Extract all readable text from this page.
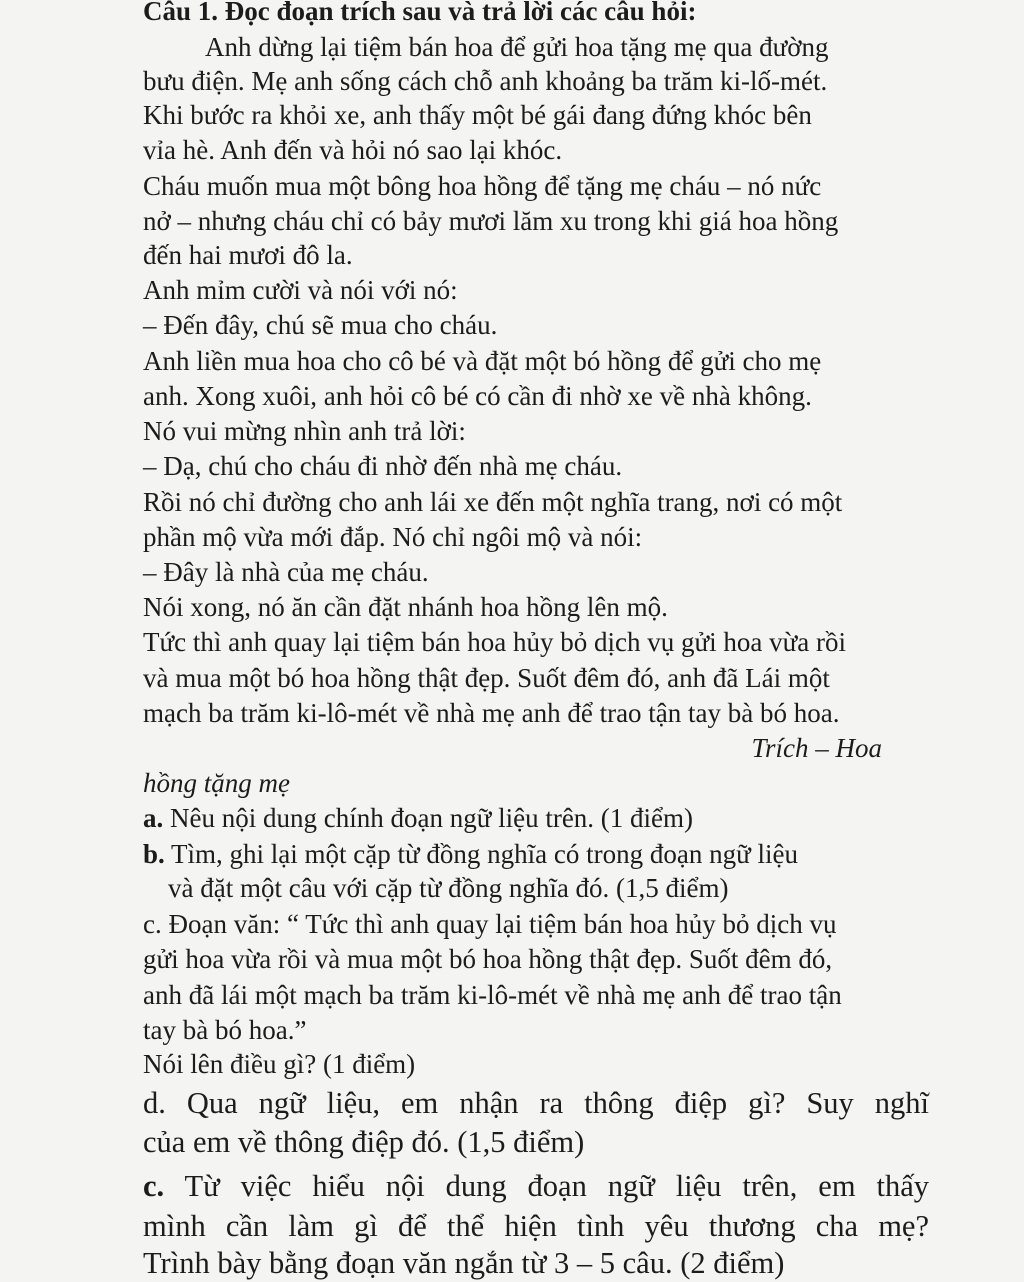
Câu 1. Đọc đoạn trích sau và trả lời các câu hỏi:
Anh dừng lại tiệm bán hoa để gửi hoa tặng mẹ qua đường
bưu điện. Mẹ anh sống cách chỗ anh khoảng ba trăm ki-lố-mét.
Khi bước ra khỏi xe, anh thấy một bé gái đang đứng khóc bên
vỉa hè. Anh đến và hỏi nó sao lại khóc.
Cháu muốn mua một bông hoa hồng để tặng mẹ cháu – nó nức
nở – nhưng cháu chỉ có bảy mươi lăm xu trong khi giá hoa hồng
đến hai mươi đô la.
Anh mỉm cười và nói với nó:
– Đến đây, chú sẽ mua cho cháu.
Anh liền mua hoa cho cô bé và đặt một bó hồng để gửi cho mẹ
anh. Xong xuôi, anh hỏi cô bé có cần đi nhờ xe về nhà không.
Nó vui mừng nhìn anh trả lời:
– Dạ, chú cho cháu đi nhờ đến nhà mẹ cháu.
Rồi nó chỉ đường cho anh lái xe đến một nghĩa trang, nơi có một
phần mộ vừa mới đắp. Nó chỉ ngôi mộ và nói:
– Đây là nhà của mẹ cháu.
Nói xong, nó ăn cần đặt nhánh hoa hồng lên mộ.
Tức thì anh quay lại tiệm bán hoa hủy bỏ dịch vụ gửi hoa vừa rồi
và mua một bó hoa hồng thật đẹp. Suốt đêm đó, anh đã Lái một
mạch ba trăm ki-lô-mét về nhà mẹ anh để trao tận tay bà bó hoa.
Trích – Hoa
hồng tặng mẹ
a. Nêu nội dung chính đoạn ngữ liệu trên. (1 điểm)
b. Tìm, ghi lại một cặp từ đồng nghĩa có trong đoạn ngữ liệu
và đặt một câu với cặp từ đồng nghĩa đó. (1,5 điểm)
c. Đoạn văn: “ Tức thì anh quay lại tiệm bán hoa hủy bỏ dịch vụ
gửi hoa vừa rồi và mua một bó hoa hồng thật đẹp. Suốt đêm đó,
anh đã lái một mạch ba trăm ki-lô-mét về nhà mẹ anh để trao tận
tay bà bó hoa.”
Nói lên điều gì? (1 điểm)
d. Qua ngữ liệu, em nhận ra thông điệp gì? Suy nghĩ
của em về thông điệp đó. (1,5 điểm)
c. Từ việc hiểu nội dung đoạn ngữ liệu trên, em thấy
mình cần làm gì để thể hiện tình yêu thương cha mẹ?
Trình bày bằng đoạn văn ngắn từ 3 – 5 câu. (2 điểm)
